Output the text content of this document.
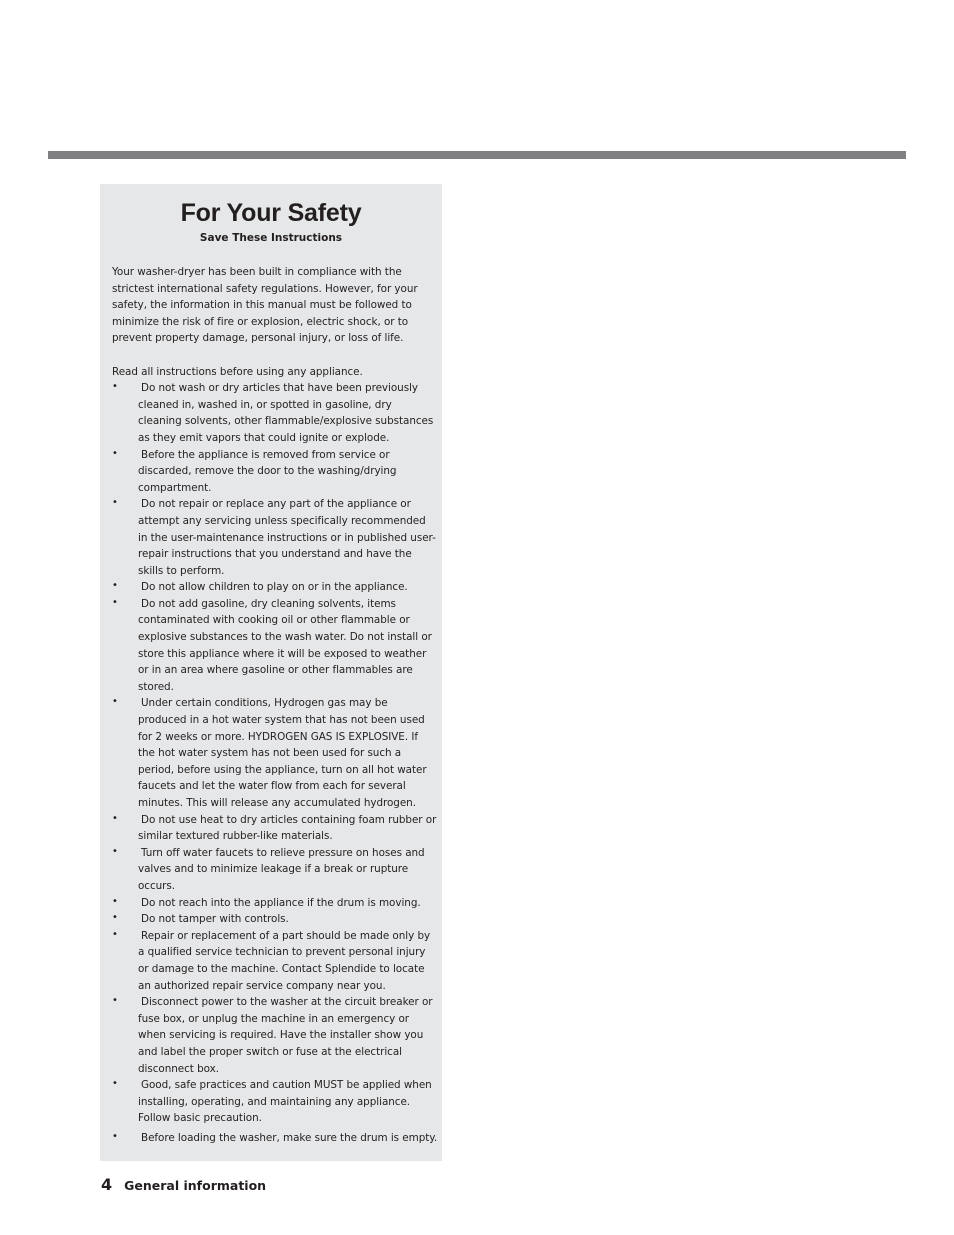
For Your Safety

Save These Instructions

Your washer-dryer has been built in compliance with the strictest international safety regulations. However, for your safety, the information in this manual must be followed to minimize the risk of fire or explosion, electric shock, or to prevent property damage, personal injury, or loss of life.

Read all instructions before using any appliance.

• Do not wash or dry articles that have been previously cleaned in, washed in, or spotted in gasoline, dry cleaning solvents, other flammable/explosive substances as they emit vapors that could ignite or explode.
• Before the appliance is removed from service or discarded, remove the door to the washing/drying compartment.
• Do not repair or replace any part of the appliance or attempt any servicing unless specifically recommended in the user-maintenance instructions or in published user-repair instructions that you understand and have the skills to perform.
• Do not allow children to play on or in the appliance.
• Do not add gasoline, dry cleaning solvents, items contaminated with cooking oil or other flammable or explosive substances to the wash water. Do not install or store this appliance where it will be exposed to weather or in an area where gasoline or other flammables are stored.
• Under certain conditions, Hydrogen gas may be produced in a hot water system that has not been used for 2 weeks or more. HYDROGEN GAS IS EXPLOSIVE. If the hot water system has not been used for such a period, before using the appliance, turn on all hot water faucets and let the water flow from each for several minutes. This will release any accumulated hydrogen.
• Do not use heat to dry articles containing foam rubber or similar textured rubber-like materials.
• Turn off water faucets to relieve pressure on hoses and valves and to minimize leakage if a break or rupture occurs.
• Do not reach into the appliance if the drum is moving.
• Do not tamper with controls.
• Repair or replacement of a part should be made only by a qualified service technician to prevent personal injury or damage to the machine. Contact Splendide to locate an authorized repair service company near you.
• Disconnect power to the washer at the circuit breaker or fuse box, or unplug the machine in an emergency or when servicing is required. Have the installer show you and label the proper switch or fuse at the electrical disconnect box.
• Good, safe practices and caution MUST be applied when installing, operating, and maintaining any appliance. Follow basic precaution.
• Before loading the washer, make sure the drum is empty.
4 General information
